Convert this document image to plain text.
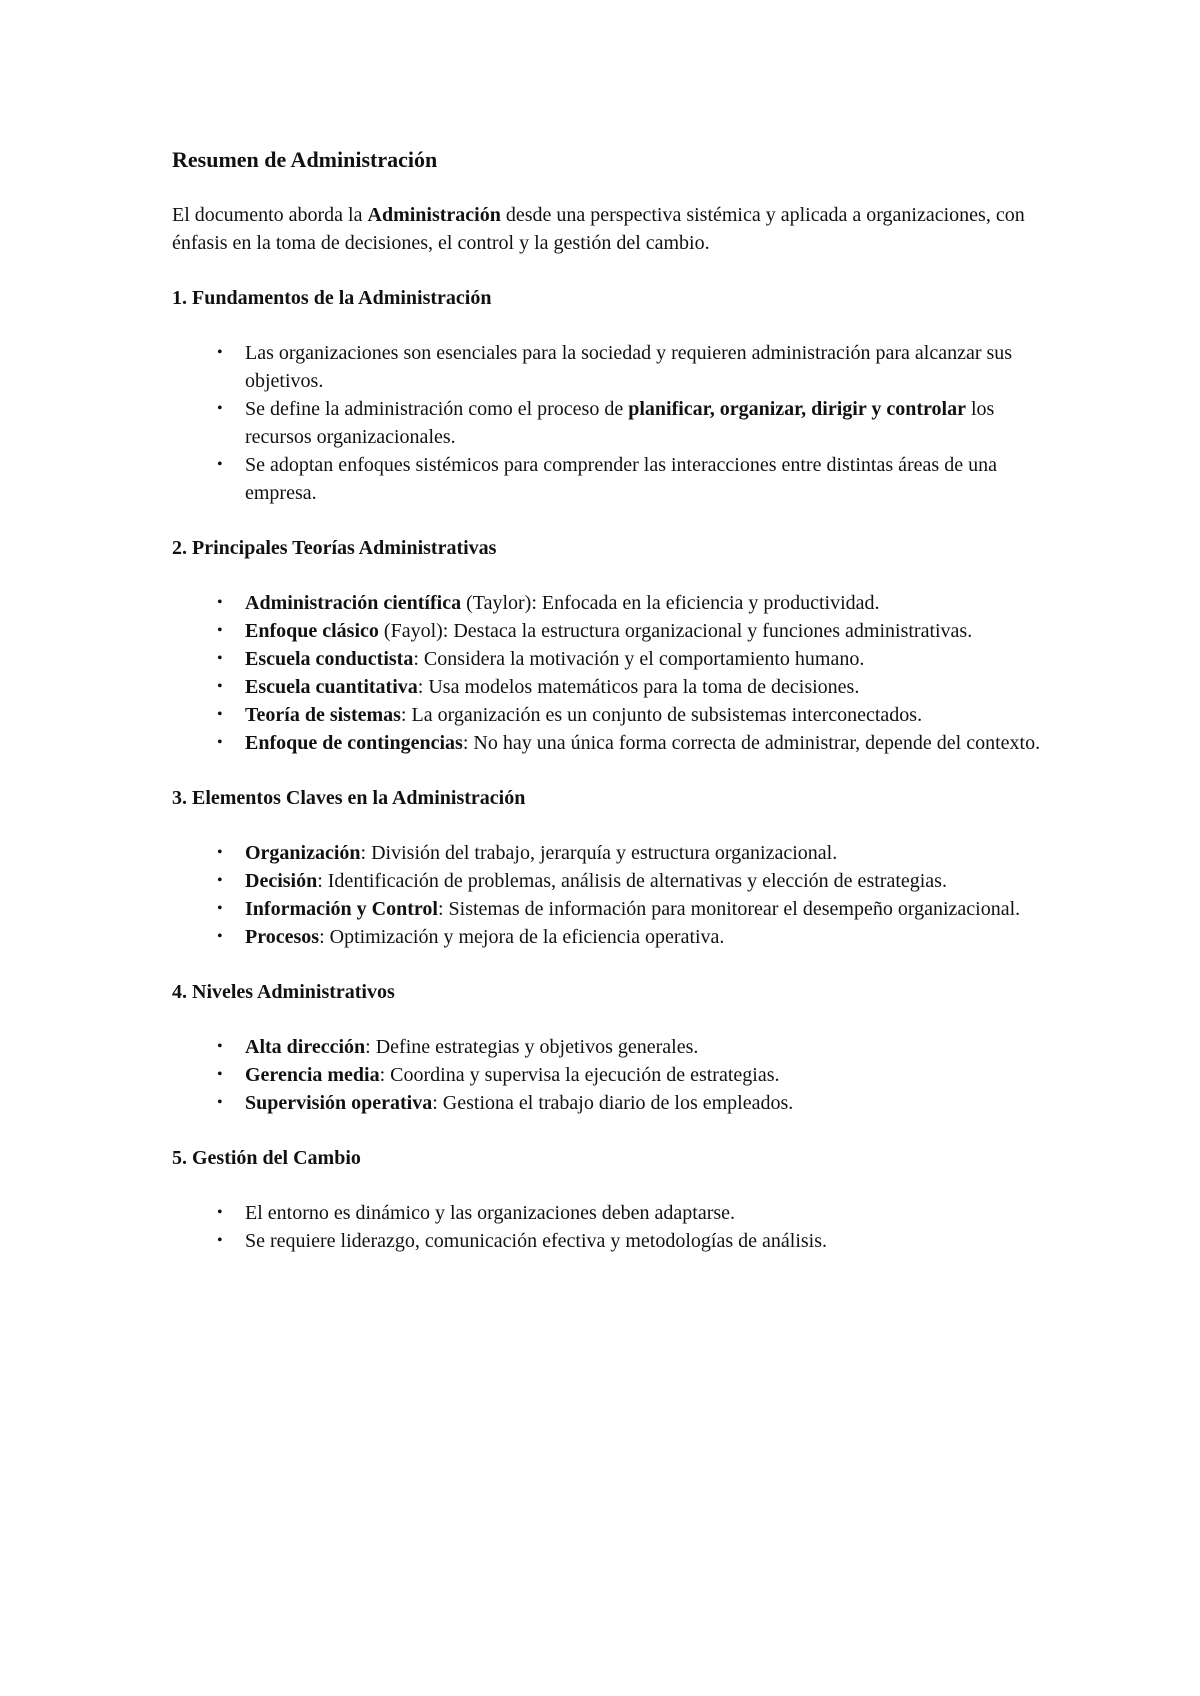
Resumen de Administración

El documento aborda la Administración desde una perspectiva sistémica y aplicada a organizaciones, con énfasis en la toma de decisiones, el control y la gestión del cambio.

1. Fundamentos de la Administración
• Las organizaciones son esenciales para la sociedad y requieren administración para alcanzar sus objetivos.
• Se define la administración como el proceso de planificar, organizar, dirigir y controlar los recursos organizacionales.
• Se adoptan enfoques sistémicos para comprender las interacciones entre distintas áreas de una empresa.
2. Principales Teorías Administrativas
• Administración científica (Taylor): Enfocada en la eficiencia y productividad.
• Enfoque clásico (Fayol): Destaca la estructura organizacional y funciones administrativas.
• Escuela conductista: Considera la motivación y el comportamiento humano.
• Escuela cuantitativa: Usa modelos matemáticos para la toma de decisiones.
• Teoría de sistemas: La organización es un conjunto de subsistemas interconectados.
• Enfoque de contingencias: No hay una única forma correcta de administrar, depende del contexto.
3. Elementos Claves en la Administración
• Organización: División del trabajo, jerarquía y estructura organizacional.
• Decisión: Identificación de problemas, análisis de alternativas y elección de estrategias.
• Información y Control: Sistemas de información para monitorear el desempeño organizacional.
• Procesos: Optimización y mejora de la eficiencia operativa.
4. Niveles Administrativos
• Alta dirección: Define estrategias y objetivos generales.
• Gerencia media: Coordina y supervisa la ejecución de estrategias.
• Supervisión operativa: Gestiona el trabajo diario de los empleados.
5. Gestión del Cambio
• El entorno es dinámico y las organizaciones deben adaptarse.
• Se requiere liderazgo, comunicación efectiva y metodologías de análisis.
